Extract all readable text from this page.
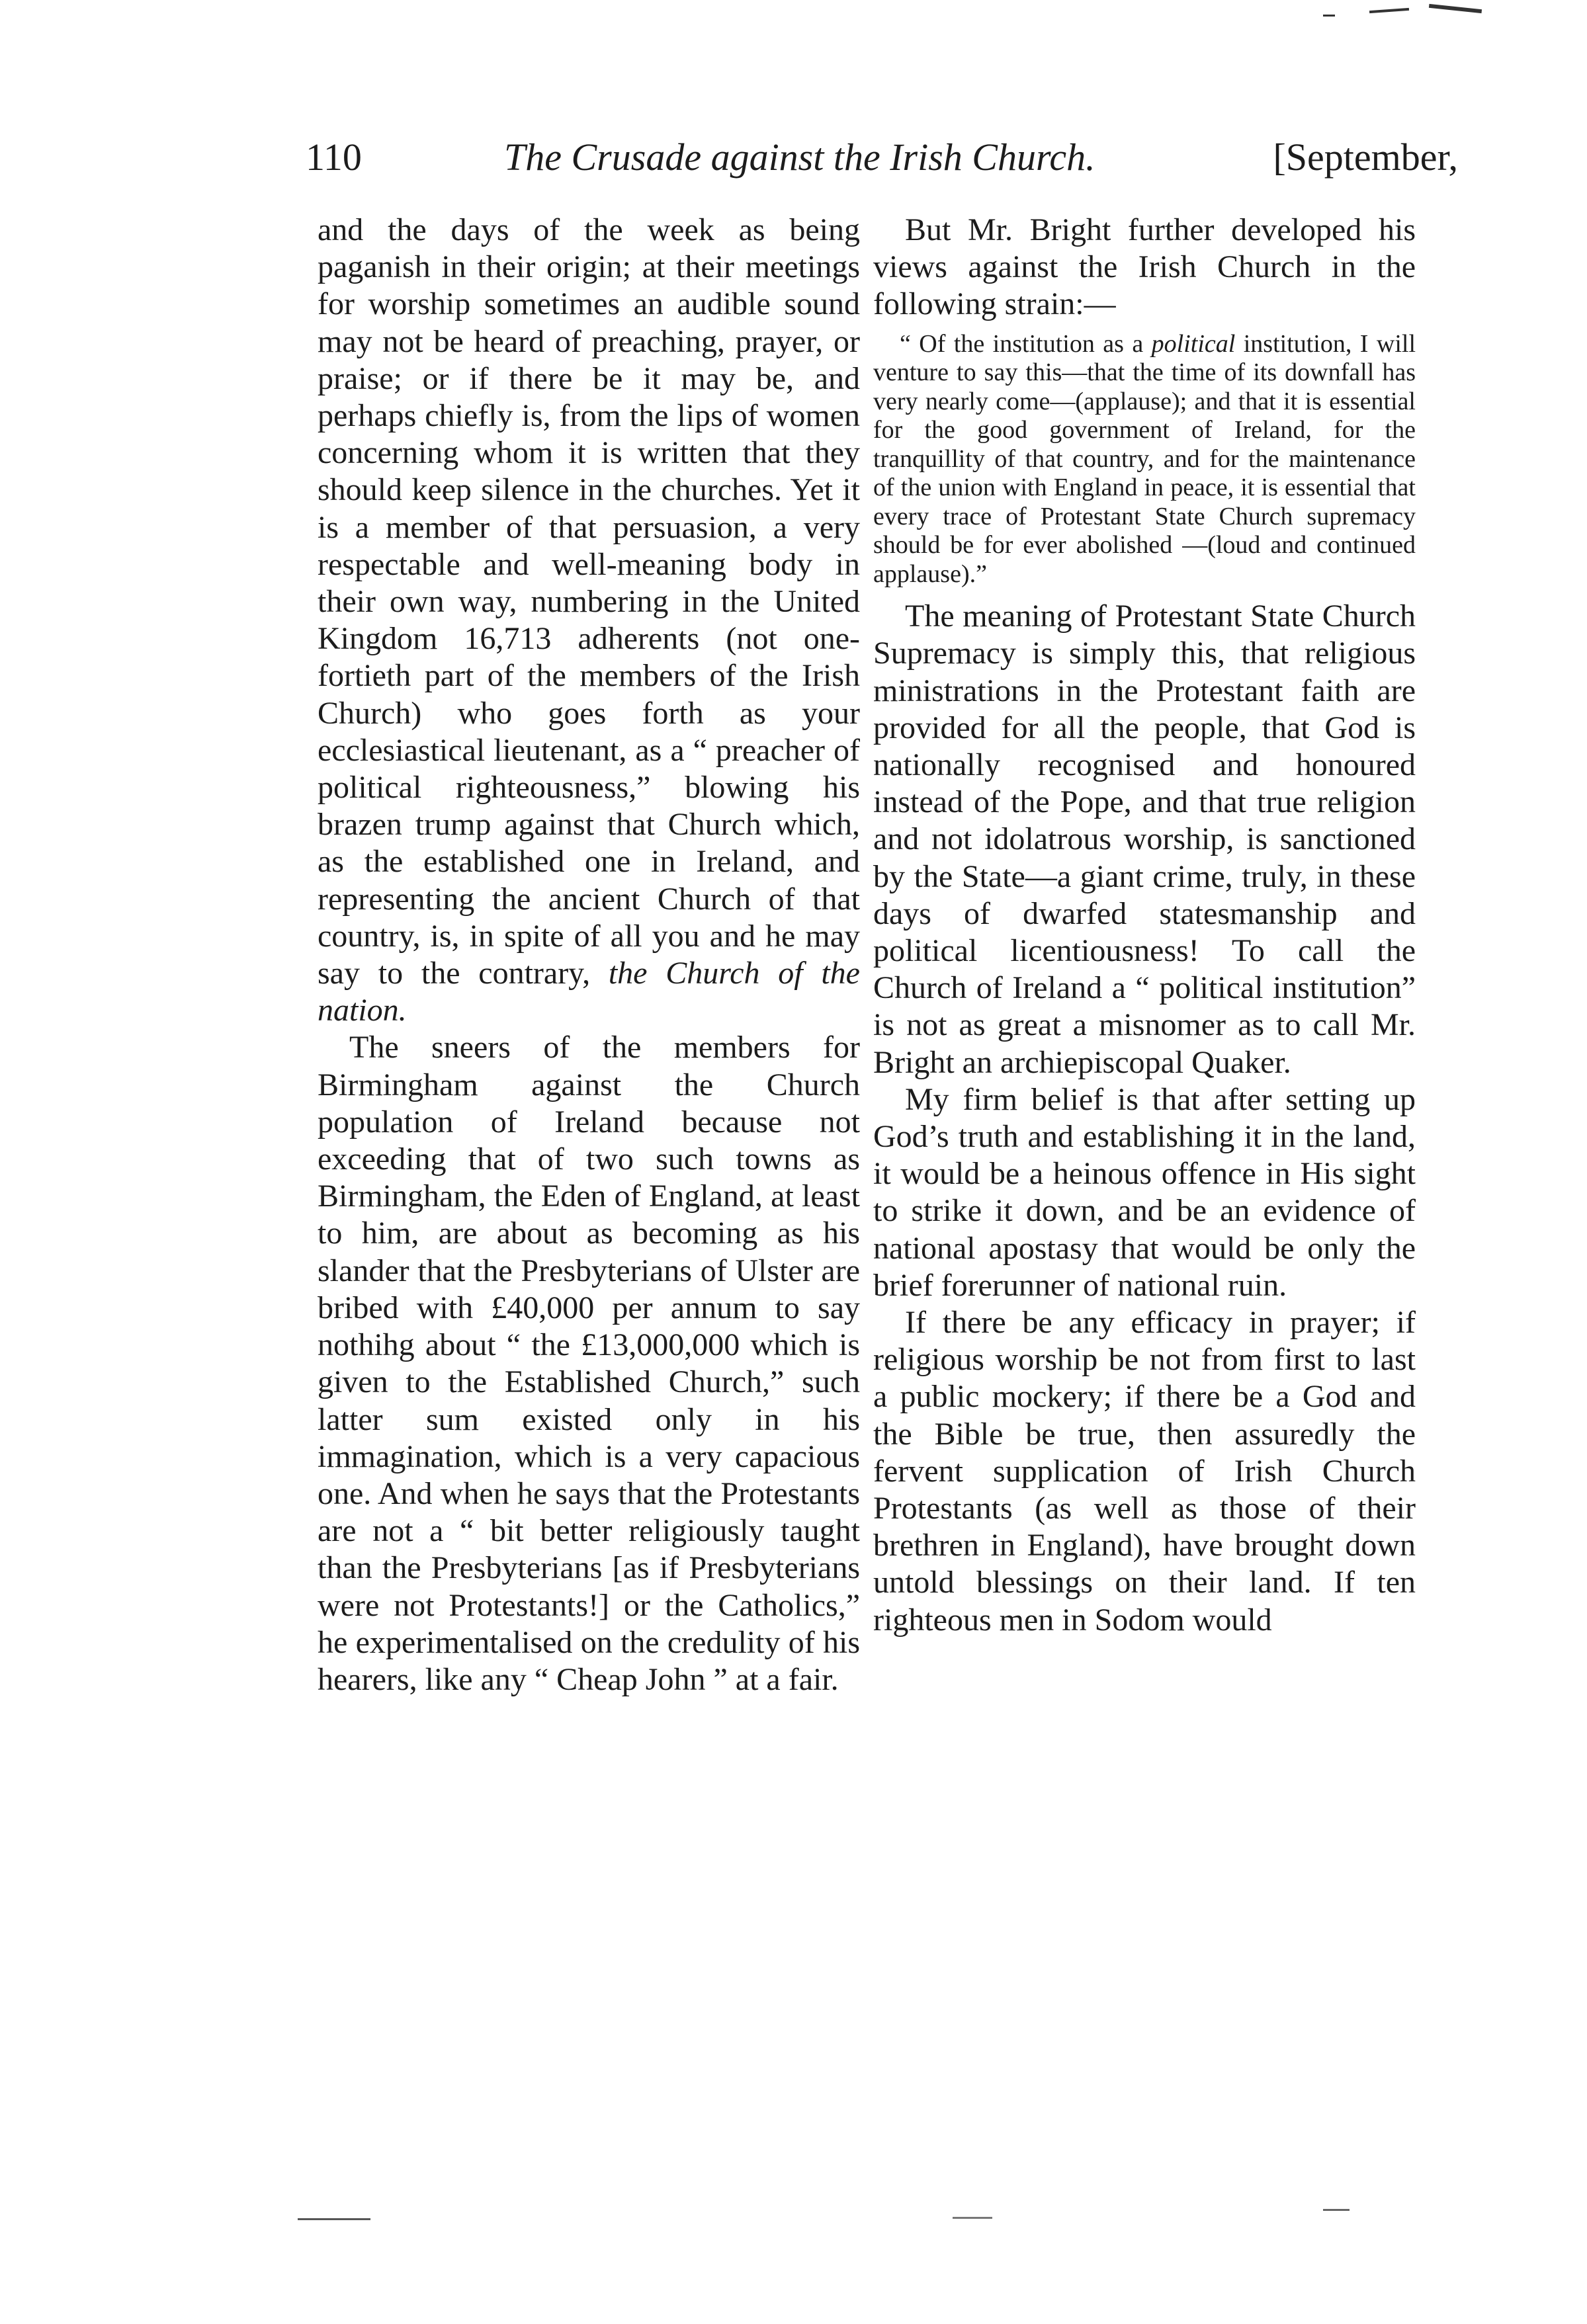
110	The Crusade against the Irish Church.	[September,

and the days of the week as being paganish in their origin; at their meetings for worship sometimes an audible sound may not be heard of preaching, prayer, or praise; or if there be it may be, and perhaps chiefly is, from the lips of women concerning whom it is written that they should keep silence in the churches. Yet it is a member of that persuasion, a very respectable and well-meaning body in their own way, numbering in the United Kingdom 16,713 adherents (not one-fortieth part of the members of the Irish Church) who goes forth as your ecclesiastical lieutenant, as a “ preacher of political righteousness,” blowing his brazen trump against that Church which, as the established one in Ireland, and representing the ancient Church of that country, is, in spite of all you and he may say to the contrary, the Church of the nation.

The sneers of the members for Birmingham against the Church population of Ireland because not exceeding that of two such towns as Birmingham, the Eden of England, at least to him, are about as becoming as his slander that the Presbyterians of Ulster are bribed with £40,000 per annum to say nothihg about “ the £13,000,000 which is given to the Established Church,” such latter sum existed only in his immagination, which is a very capacious one. And when he says that the Protestants are not a “ bit better religiously taught than the Presbyterians [as if Presbyterians were not Protestants!] or the Catholics,” he experimentalised on the credulity of his hearers, like any “ Cheap John ” at a fair.

But Mr. Bright further developed his views against the Irish Church in the following strain:—

“ Of the institution as a political institution, I will venture to say this—that the time of its downfall has very nearly come—(applause); and that it is essential for the good government of Ireland, for the tranquillity of that country, and for the maintenance of the union with England in peace, it is essential that every trace of Protestant State Church supremacy should be for ever abolished —(loud and continued applause).”

The meaning of Protestant State Church Supremacy is simply this, that religious ministrations in the Protestant faith are provided for all the people, that God is nationally recognised and honoured instead of the Pope, and that true religion and not idolatrous worship, is sanctioned by the State—a giant crime, truly, in these days of dwarfed statesmanship and political licentiousness! To call the Church of Ireland a “ political institution” is not as great a misnomer as to call Mr. Bright an archiepiscopal Quaker.

My firm belief is that after setting up God’s truth and establishing it in the land, it would be a heinous offence in His sight to strike it down, and be an evidence of national apostasy that would be only the brief forerunner of national ruin.

If there be any efficacy in prayer; if religious worship be not from first to last a public mockery; if there be a God and the Bible be true, then assuredly the fervent supplication of Irish Church Protestants (as well as those of their brethren in England), have brought down untold blessings on their land. If ten righteous men in Sodom would
